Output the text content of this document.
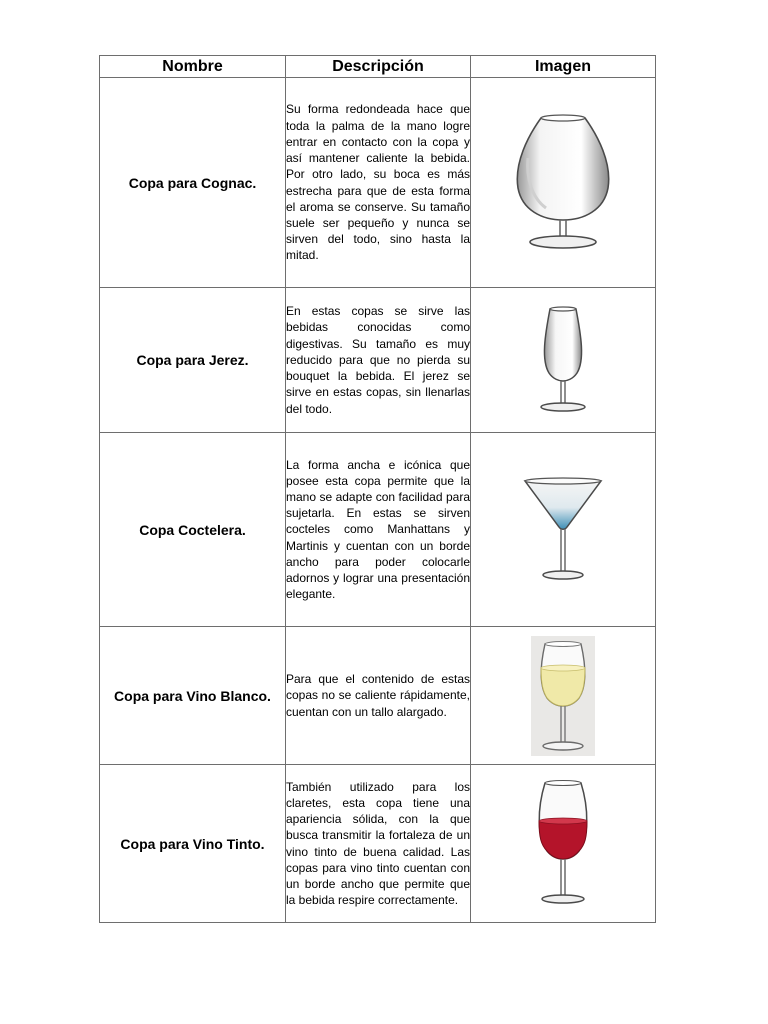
Nombre	Descripción	Imagen
Copa para Cognac.	Su forma redondeada hace que toda la palma de la mano logre entrar en contacto con la copa y así mantener caliente la bebida. Por otro lado, su boca es más estrecha para que de esta forma el aroma se conserve. Su tamaño suele ser pequeño y nunca se sirven del todo, sino hasta la mitad.

Copa para Jerez.	En estas copas se sirve las bebidas conocidas como digestivas. Su tamaño es muy reducido para que no pierda su bouquet la bebida. El jerez se sirve en estas copas, sin llenarlas del todo.

Copa Coctelera.	La forma ancha e icónica que posee esta copa permite que la mano se adapte con facilidad para sujetarla. En estas se sirven cocteles como Manhattans y Martinis y cuentan con un borde ancho para poder colocarle adornos y lograr una presentación elegante.

Copa para Vino Blanco.	Para que el contenido de estas copas no se caliente rápidamente, cuentan con un tallo alargado.

Copa para Vino Tinto.	También utilizado para los claretes, esta copa tiene una apariencia sólida, con la que busca transmitir la fortaleza de un vino tinto de buena calidad. Las copas para vino tinto cuentan con un borde ancho que permite que la bebida respire correctamente.
